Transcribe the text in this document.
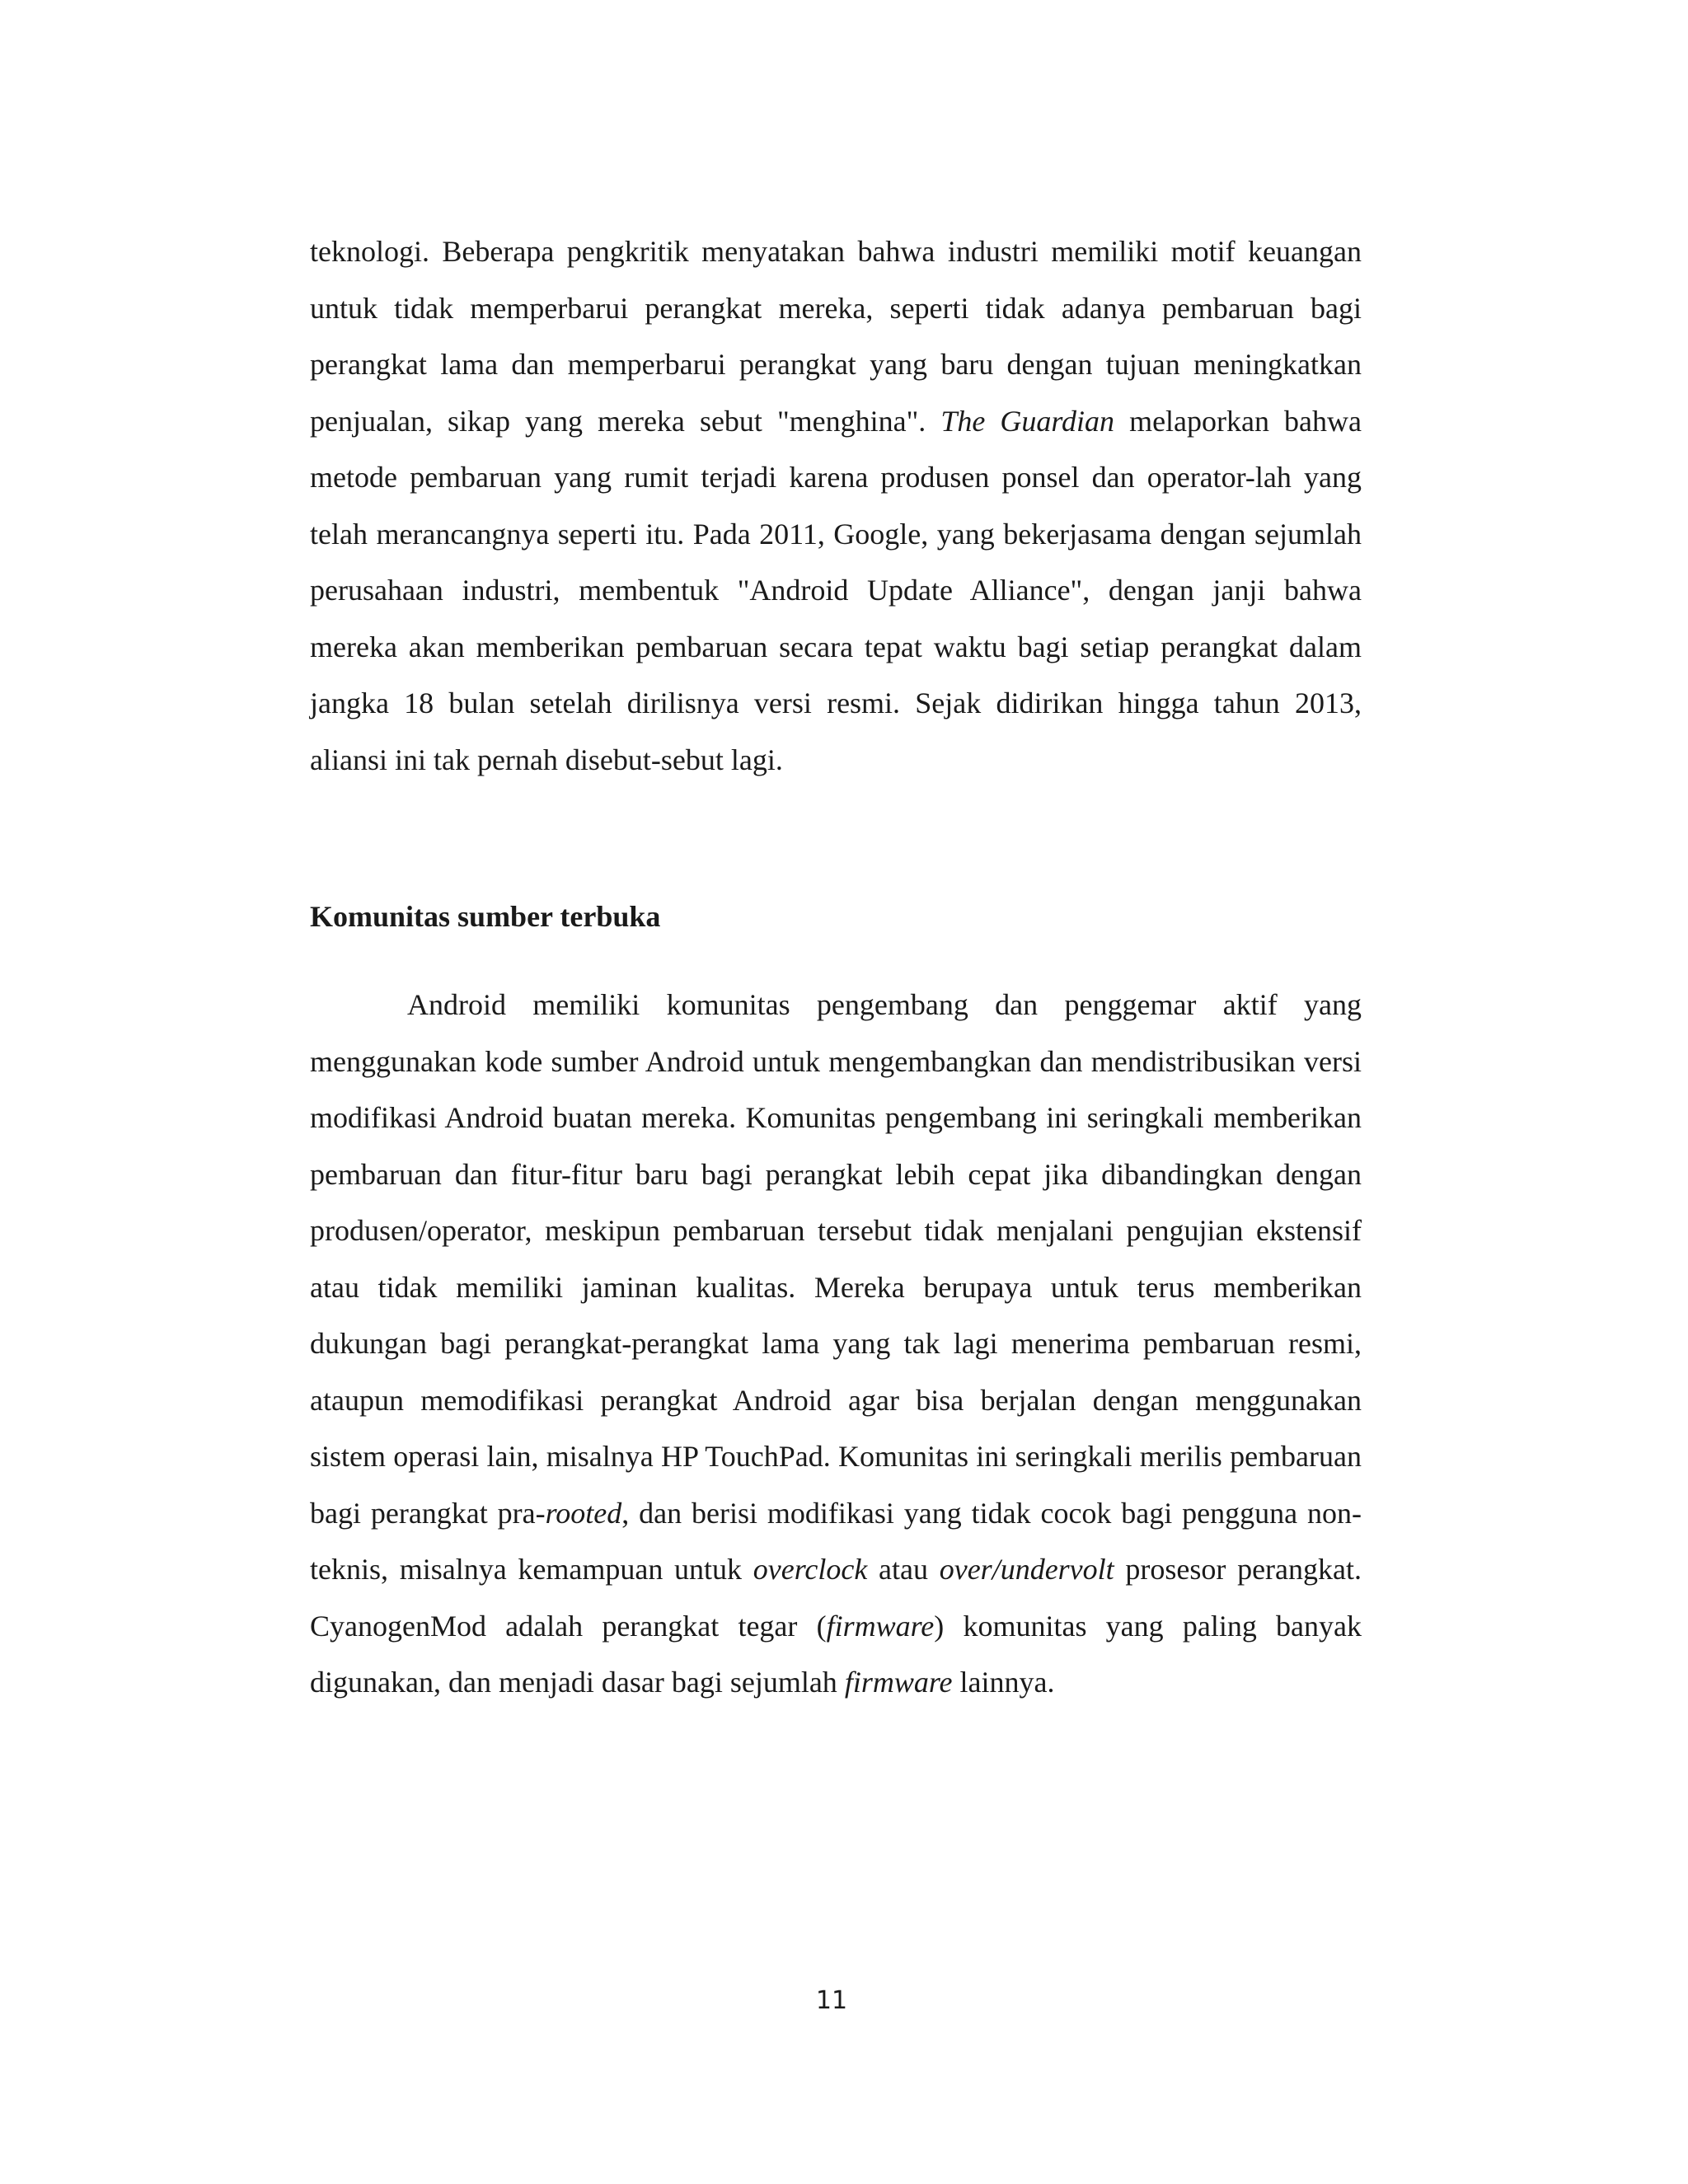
teknologi. Beberapa pengkritik menyatakan bahwa industri memiliki motif keuangan untuk tidak memperbarui perangkat mereka, seperti tidak adanya pembaruan bagi perangkat lama dan memperbarui perangkat yang baru dengan tujuan meningkatkan penjualan, sikap yang mereka sebut "menghina". The Guardian melaporkan bahwa metode pembaruan yang rumit terjadi karena produsen ponsel dan operator-lah yang telah merancangnya seperti itu. Pada 2011, Google, yang bekerjasama dengan sejumlah perusahaan industri, membentuk "Android Update Alliance", dengan janji bahwa mereka akan memberikan pembaruan secara tepat waktu bagi setiap perangkat dalam jangka 18 bulan setelah dirilisnya versi resmi. Sejak didirikan hingga tahun 2013, aliansi ini tak pernah disebut-sebut lagi.

Komunitas sumber terbuka

Android memiliki komunitas pengembang dan penggemar aktif yang menggunakan kode sumber Android untuk mengembangkan dan mendistribusikan versi modifikasi Android buatan mereka. Komunitas pengembang ini seringkali memberikan pembaruan dan fitur-fitur baru bagi perangkat lebih cepat jika dibandingkan dengan produsen/operator, meskipun pembaruan tersebut tidak menjalani pengujian ekstensif atau tidak memiliki jaminan kualitas. Mereka berupaya untuk terus memberikan dukungan bagi perangkat-perangkat lama yang tak lagi menerima pembaruan resmi, ataupun memodifikasi perangkat Android agar bisa berjalan dengan menggunakan sistem operasi lain, misalnya HP TouchPad. Komunitas ini seringkali merilis pembaruan bagi perangkat pra-rooted, dan berisi modifikasi yang tidak cocok bagi pengguna non-teknis, misalnya kemampuan untuk overclock atau over/undervolt prosesor perangkat. CyanogenMod adalah perangkat tegar (firmware) komunitas yang paling banyak digunakan, dan menjadi dasar bagi sejumlah firmware lainnya.

11
